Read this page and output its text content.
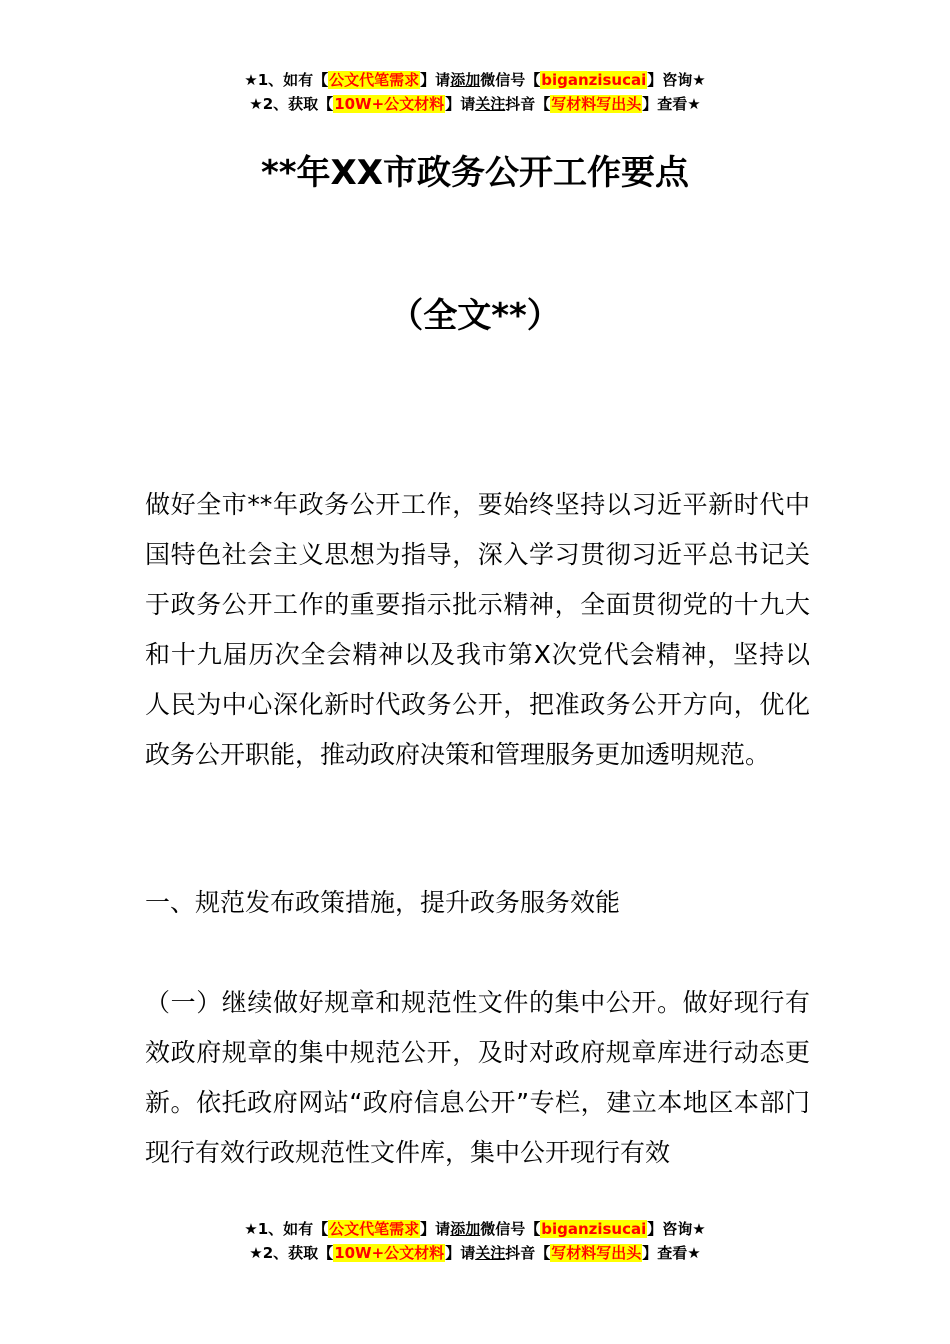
★1、如有【公文代笔需求】请添加微信号【biganzisucai】咨询★
★2、获取【10W+公文材料】请关注抖音【写材料写出头】查看★
**年XX市政务公开工作要点
（全文**）

做好全市**年政务公开工作，要始终坚持以习近平新时代中国特色社会主义思想为指导，深入学习贯彻习近平总书记关于政务公开工作的重要指示批示精神，全面贯彻党的十九大和十九届历次全会精神以及我市第X次党代会精神，坚持以人民为中心深化新时代政务公开，把准政务公开方向，优化政务公开职能，推动政府决策和管理服务更加透明规范。

一、规范发布政策措施，提升政务服务效能

（一）继续做好规章和规范性文件的集中公开。做好现行有效政府规章的集中规范公开，及时对政府规章库进行动态更新。依托政府网站“政府信息公开”专栏，建立本地区本部门现行有效行政规范性文件库，集中公开现行有效

★1、如有【公文代笔需求】请添加微信号【biganzisucai】咨询★
★2、获取【10W+公文材料】请关注抖音【写材料写出头】查看★
